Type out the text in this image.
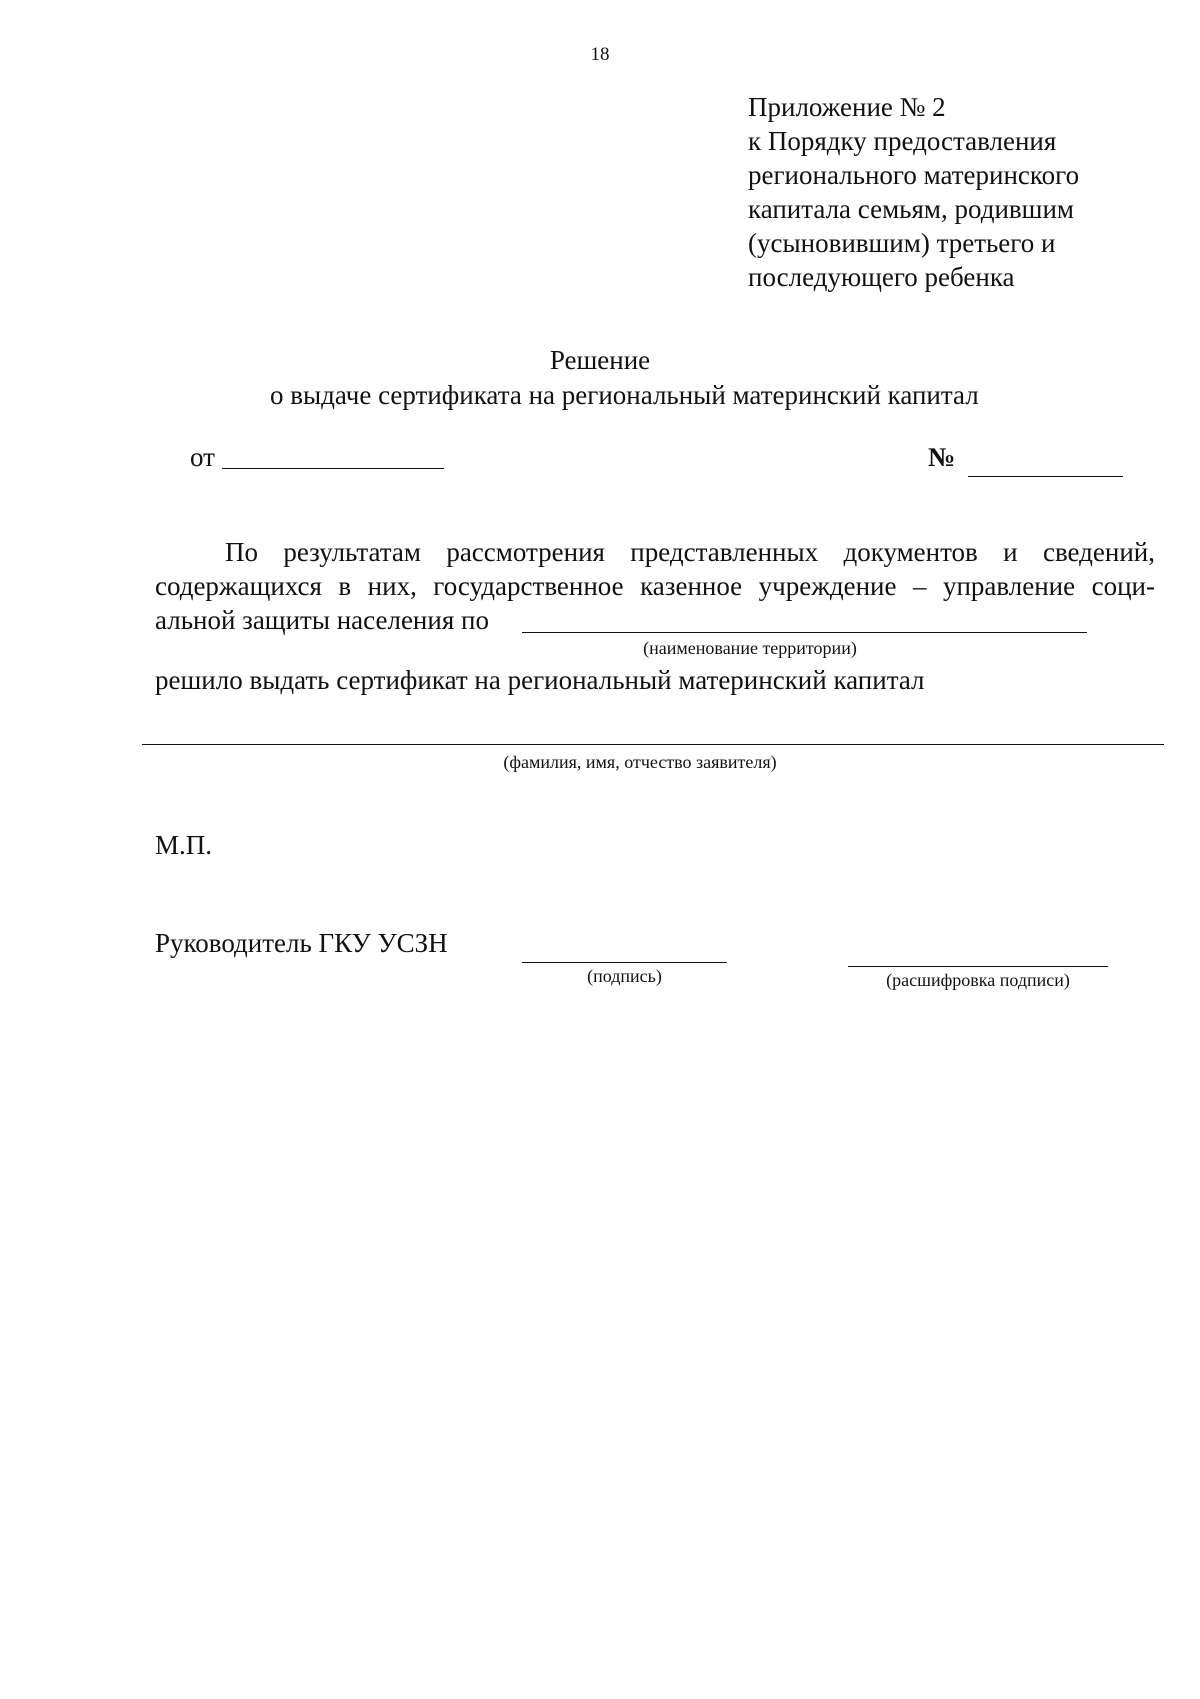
18
Приложение № 2
к Порядку предоставления
регионального материнского
капитала семьям, родившим
(усыновившим) третьего и
последующего ребенка
Решение
о выдаче сертификата на региональный материнский капитал
от	№
По результатам рассмотрения представленных документов и сведений,
содержащихся в них, государственное казенное учреждение – управление соци-
альной защиты населения по
(наименование территории)
решило выдать сертификат на региональный материнский капитал
(фамилия, имя, отчество заявителя)
М.П.
Руководитель ГКУ УСЗН
(подпись)	(расшифровка подписи)
